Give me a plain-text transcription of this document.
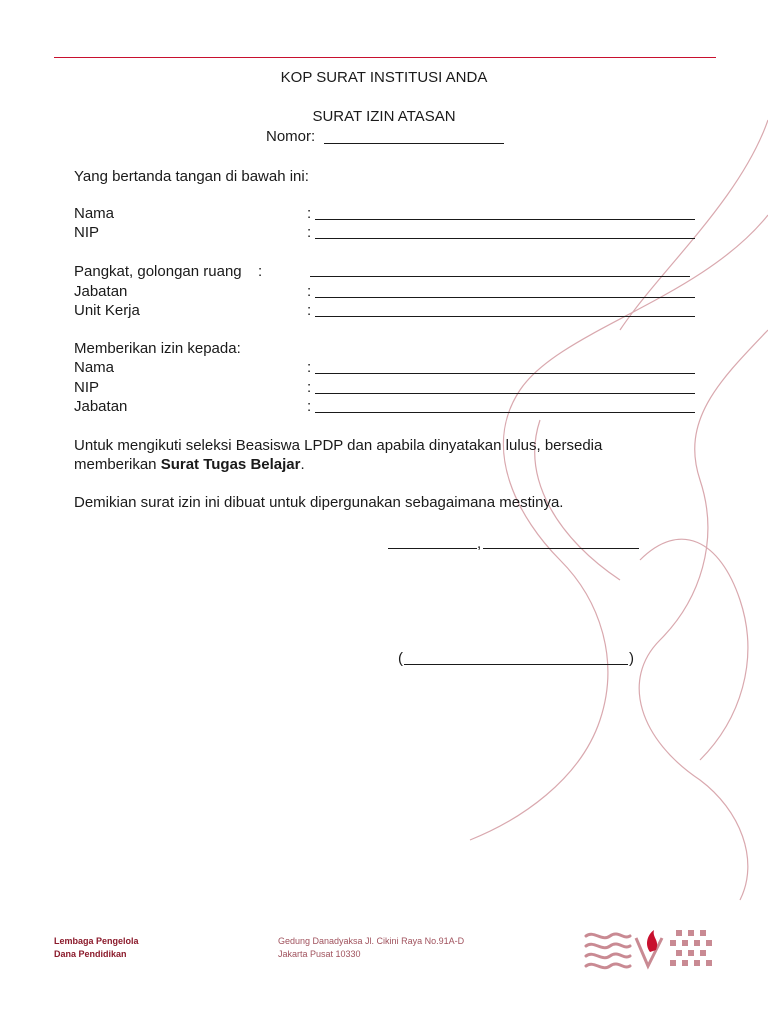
KOP SURAT INSTITUSI ANDA
SURAT IZIN ATASAN
Nomor:
Yang bertanda tangan di bawah ini:
Nama	:
NIP	:
Pangkat, golongan ruang :
Jabatan	:
Unit Kerja	:
Memberikan izin kepada:
Nama	:
NIP	:
Jabatan	:
Untuk mengikuti seleksi Beasiswa LPDP dan apabila dinyatakan lulus, bersedia
memberikan Surat Tugas Belajar.
Demikian surat izin ini dibuat untuk dipergunakan sebagaimana mestinya.
,
(	)
Lembaga Pengelola
Dana Pendidikan
Gedung Danadyaksa Jl. Cikini Raya No.91A-D
Jakarta Pusat 10330
